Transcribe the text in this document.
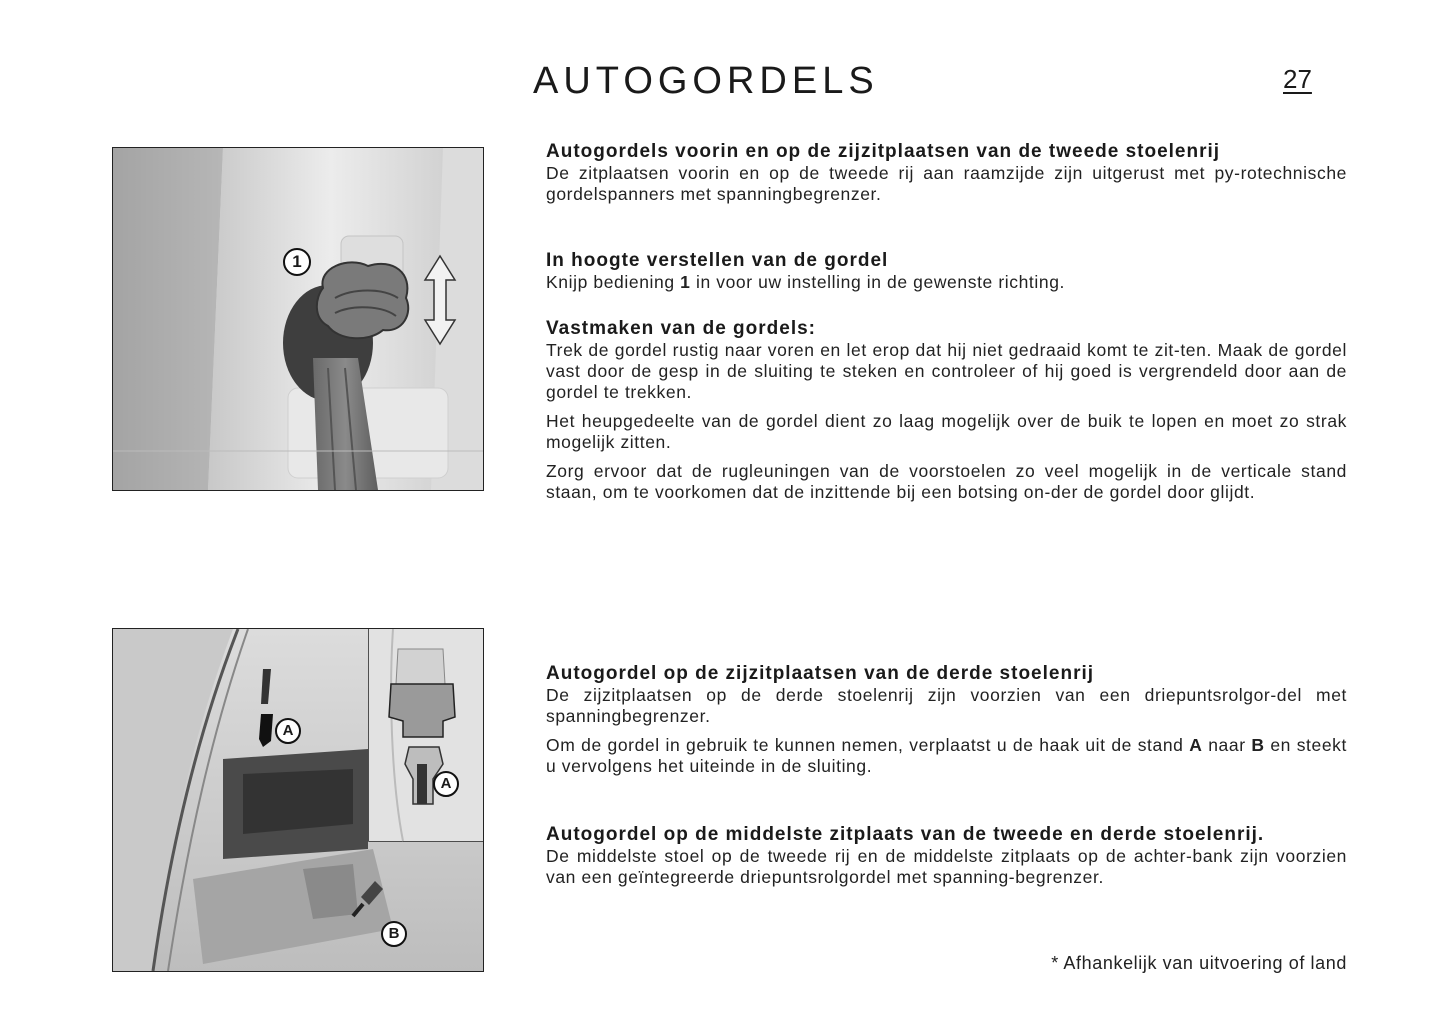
AUTOGORDELS	27
1
A
A
B

Autogordels voorin en op de zijzitplaatsen van de tweede stoelenrij

De zitplaatsen voorin en op de tweede rij aan raamzijde zijn uitgerust met py-rotechnische gordelspanners met spanningbegrenzer.

In hoogte verstellen van de gordel

Knijp bediening 1 in voor uw instelling in de gewenste richting.

Vastmaken van de gordels:

Trek de gordel rustig naar voren en let erop dat hij niet gedraaid komt te zit-ten. Maak de gordel vast door de gesp in de sluiting te steken en controleer of hij goed is vergrendeld door aan de gordel te trekken.

Het heupgedeelte van de gordel dient zo laag mogelijk over de buik te lopen en moet zo strak mogelijk zitten.

Zorg ervoor dat de rugleuningen van de voorstoelen zo veel mogelijk in de verticale stand staan, om te voorkomen dat de inzittende bij een botsing on-der de gordel door glijdt.

Autogordel op de zijzitplaatsen van de derde stoelenrij

De zijzitplaatsen op de derde stoelenrij zijn voorzien van een driepuntsrolgor-del met spanningbegrenzer.

Om de gordel in gebruik te kunnen nemen, verplaatst u de haak uit de stand A naar B en steekt u vervolgens het uiteinde in de sluiting.

Autogordel op de middelste zitplaats van de tweede en derde stoelenrij.

De middelste stoel op de tweede rij en de middelste zitplaats op de achter-bank zijn voorzien van een geïntegreerde driepuntsrolgordel met spanning-begrenzer.

* Afhankelijk van uitvoering of land
